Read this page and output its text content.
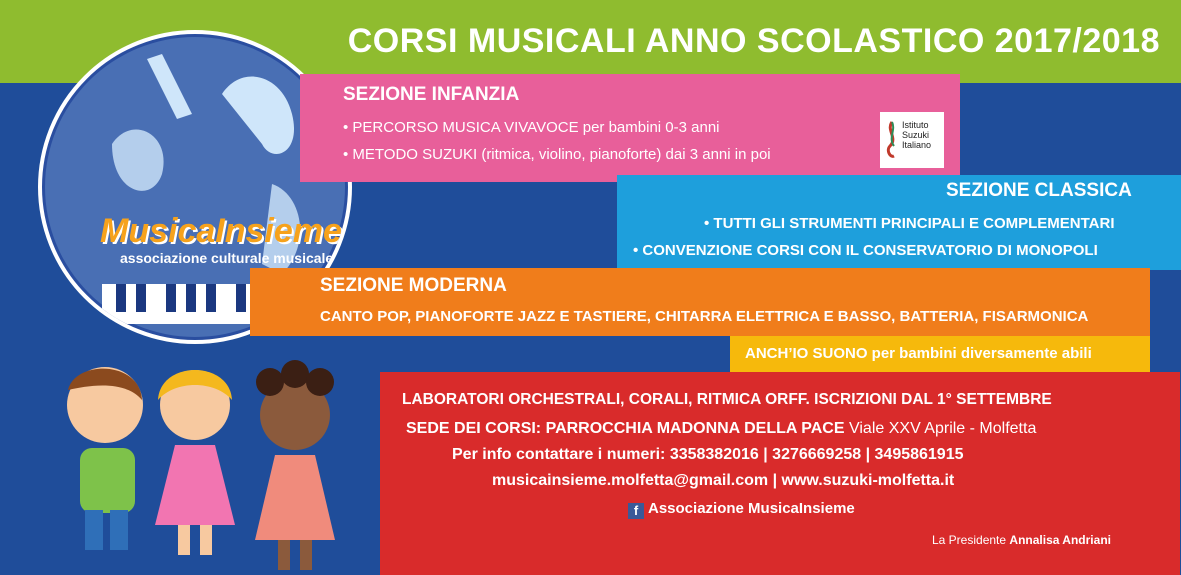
CORSI MUSICALI ANNO SCOLASTICO 2017/2018
MusicaInsieme
associazione culturale musicale
SEZIONE INFANZIA
• PERCORSO MUSICA VIVAVOCE per bambini 0-3 anni
• METODO SUZUKI (ritmica, violino, pianoforte) dai 3 anni in poi
Istituto
Suzuki
Italiano
SEZIONE CLASSICA
• TUTTI GLI STRUMENTI PRINCIPALI E COMPLEMENTARI
• CONVENZIONE CORSI CON IL CONSERVATORIO DI MONOPOLI
SEZIONE MODERNA
CANTO POP, PIANOFORTE JAZZ E TASTIERE, CHITARRA ELETTRICA E BASSO, BATTERIA, FISARMONICA
ANCH’IO SUONO per bambini diversamente abili
LABORATORI ORCHESTRALI, CORALI, RITMICA ORFF. ISCRIZIONI DAL 1° SETTEMBRE
SEDE DEI CORSI: PARROCCHIA MADONNA DELLA PACE Viale XXV Aprile - Molfetta
Per info contattare i numeri: 3358382016 | 3276669258 | 3495861915
musicainsieme.molfetta@gmail.com | www.suzuki-molfetta.it
f Associazione MusicaInsieme
La Presidente Annalisa Andriani
